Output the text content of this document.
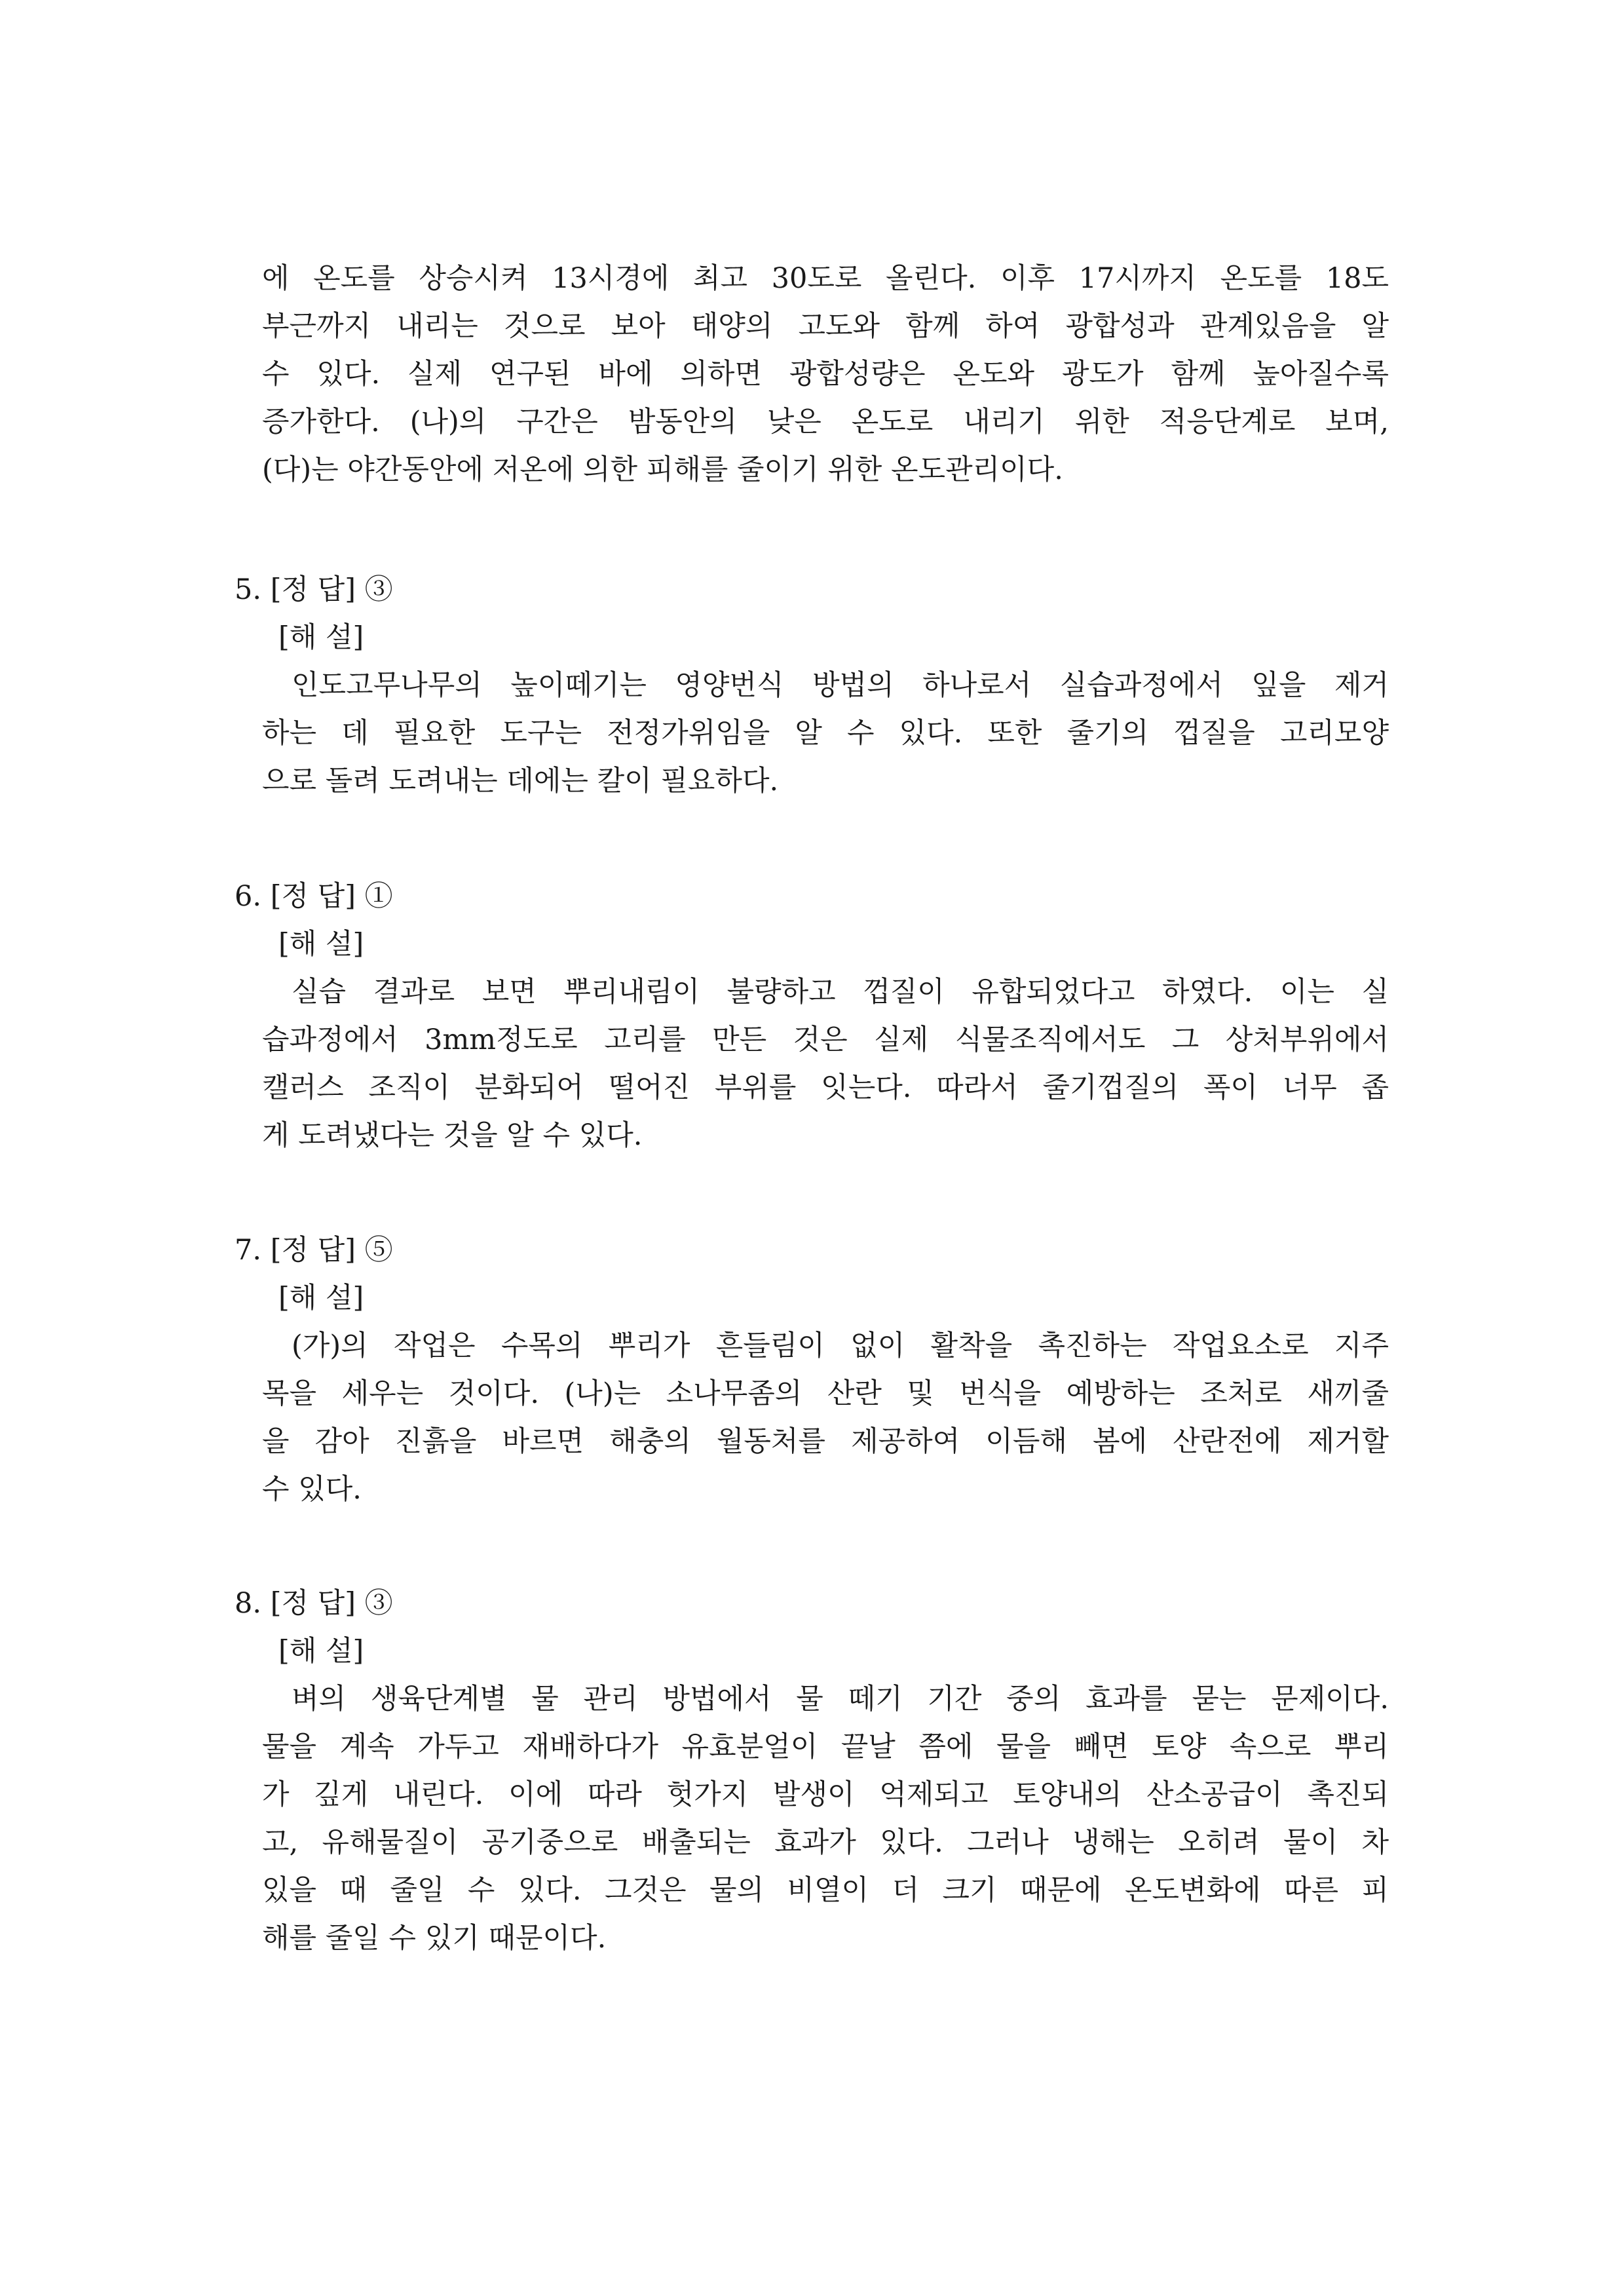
에 온도를 상승시켜 13시경에 최고 30도로 올린다. 이후 17시까지 온도를 18도

부근까지 내리는 것으로 보아 태양의 고도와 함께 하여 광합성과 관계있음을 알

수 있다. 실제 연구된 바에 의하면 광합성량은 온도와 광도가 함께 높아질수록

증가한다. (나)의 구간은 밤동안의 낮은 온도로 내리기 위한 적응단계로 보며,

(다)는 야간동안에 저온에 의한 피해를 줄이기 위한 온도관리이다.

5. [정 답] ③

[해 설]

인도고무나무의 높이떼기는 영양번식 방법의 하나로서 실습과정에서 잎을 제거

하는 데 필요한 도구는 전정가위임을 알 수 있다. 또한 줄기의 껍질을 고리모양

으로 돌려 도려내는 데에는 칼이 필요하다.

6. [정 답] ①

[해 설]

실습 결과로 보면 뿌리내림이 불량하고 껍질이 유합되었다고 하였다. 이는 실

습과정에서 3mm정도로 고리를 만든 것은 실제 식물조직에서도 그 상처부위에서

캘러스 조직이 분화되어 떨어진 부위를 잇는다. 따라서 줄기껍질의 폭이 너무 좁

게 도려냈다는 것을 알 수 있다.

7. [정 답] ⑤

[해 설]

(가)의 작업은 수목의 뿌리가 흔들림이 없이 활착을 촉진하는 작업요소로 지주

목을 세우는 것이다. (나)는 소나무좀의 산란 및 번식을 예방하는 조처로 새끼줄

을 감아 진흙을 바르면 해충의 월동처를 제공하여 이듬해 봄에 산란전에 제거할

수 있다.

8. [정 답] ③

[해 설]

벼의 생육단계별 물 관리 방법에서 물 떼기 기간 중의 효과를 묻는 문제이다.

물을 계속 가두고 재배하다가 유효분얼이 끝날 쯤에 물을 빼면 토양 속으로 뿌리

가 깊게 내린다. 이에 따라 헛가지 발생이 억제되고 토양내의 산소공급이 촉진되

고, 유해물질이 공기중으로 배출되는 효과가 있다. 그러나 냉해는 오히려 물이 차

있을 때 줄일 수 있다. 그것은 물의 비열이 더 크기 때문에 온도변화에 따른 피

해를 줄일 수 있기 때문이다.
